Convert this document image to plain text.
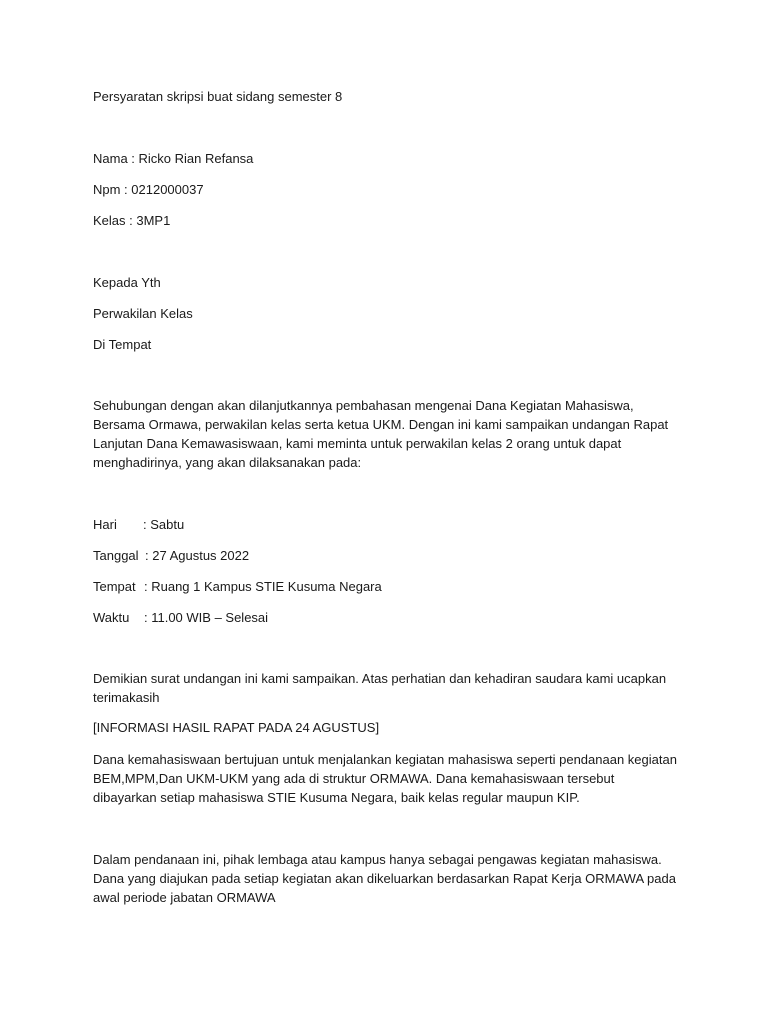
Persyaratan skripsi buat sidang semester 8

Nama : Ricko Rian Refansa

Npm : 0212000037

Kelas : 3MP1

Kepada Yth

Perwakilan Kelas

Di Tempat

Sehubungan dengan akan dilanjutkannya pembahasan mengenai Dana Kegiatan Mahasiswa,
Bersama Ormawa, perwakilan kelas serta ketua UKM. Dengan ini kami sampaikan undangan Rapat
Lanjutan Dana Kemawasiswaan, kami meminta untuk perwakilan kelas 2 orang untuk dapat
menghadirinya, yang akan dilaksanakan pada:
Hari	: Sabtu
Tanggal : 27 Agustus 2022
Tempat : Ruang 1 Kampus STIE Kusuma Negara
Waktu	: 11.00 WIB – Selesai
Demikian surat undangan ini kami sampaikan. Atas perhatian dan kehadiran saudara kami ucapkan
terimakasih

[INFORMASI HASIL RAPAT PADA 24 AGUSTUS]

Dana kemahasiswaan bertujuan untuk menjalankan kegiatan mahasiswa seperti pendanaan kegiatan
BEM,MPM,Dan UKM-UKM yang ada di struktur ORMAWA. Dana kemahasiswaan tersebut
dibayarkan setiap mahasiswa STIE Kusuma Negara, baik kelas regular maupun KIP.
Dalam pendanaan ini, pihak lembaga atau kampus hanya sebagai pengawas kegiatan mahasiswa.
Dana yang diajukan pada setiap kegiatan akan dikeluarkan berdasarkan Rapat Kerja ORMAWA pada
awal periode jabatan ORMAWA
